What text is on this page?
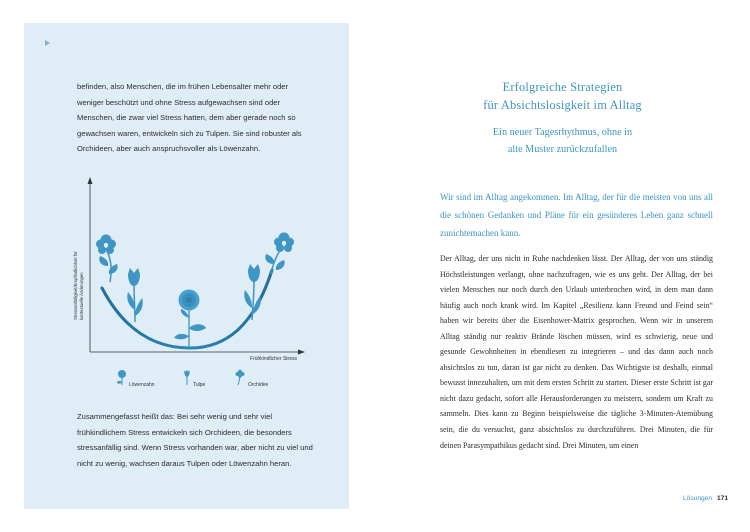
befinden, also Menschen, die im frühen Lebensalter mehr oder weniger beschützt und ohne Stress aufgewachsen sind oder Menschen, die zwar viel Stress hatten, dem aber gerade noch so gewachsen waren, entwickeln sich zu Tulpen. Sie sind robuster als Orchideen, aber auch anspruchsvoller als Löwenzahn.
Stressanfälligkeit/Empfindlichkeit für kontextuelle Änderungen
Frühkindlicher Stress
Löwenzahn	Tulpe	Orchidee
Zusammengefasst heißt das: Bei sehr wenig und sehr viel frühkindlichem Stress entwickeln sich Orchideen, die besonders stressanfällig sind. Wenn Stress vorhanden war, aber nicht zu viel und nicht zu wenig, wachsen daraus Tulpen oder Löwenzahn heran.
Erfolgreiche Strategien
für Absichtslosigkeit im Alltag
Ein neuer Tagesrhythmus, ohne in
alte Muster zurückzufallen
Wir sind im Alltag angekommen. Im Alltag, der für die meisten von uns all die schönen Gedanken und Pläne für ein gesünderes Leben ganz schnell zunichtemachen kann.
Der Alltag, der uns nicht in Ruhe nachdenken lässt. Der Alltag, der von uns ständig Höchstleistungen verlangt, ohne nachzufragen, wie es uns geht. Der Alltag, der bei vielen Menschen nur noch durch den Urlaub unterbrochen wird, in dem man dann häufig auch noch krank wird. Im Kapitel „Resilienz kann Freund und Feind sein“ haben wir bereits über die Eisenhower-Matrix gesprochen. Wenn wir in unserem Alltag ständig nur reaktiv Brände löschen müssen, wird es schwierig, neue und gesunde Gewohnheiten in ebendiesen zu integrieren – und das dann auch noch absichtslos zu tun, daran ist gar nicht zu denken. Das Wichtigste ist deshalb, einmal bewusst innezuhalten, um mit dem ersten Schritt zu starten. Dieser erste Schritt ist gar nicht dazu gedacht, sofort alle Herausforderungen zu meistern, sondern um Kraft zu sammeln. Dies kann zu Beginn beispielsweise die tägliche 3-Minuten-Atemübung sein, die du versuchst, ganz absichtslos zu durchzuführen. Drei Minuten, die für deinen Parasympathikus gedacht sind. Drei Minuten, um einen
Lösungen 171
